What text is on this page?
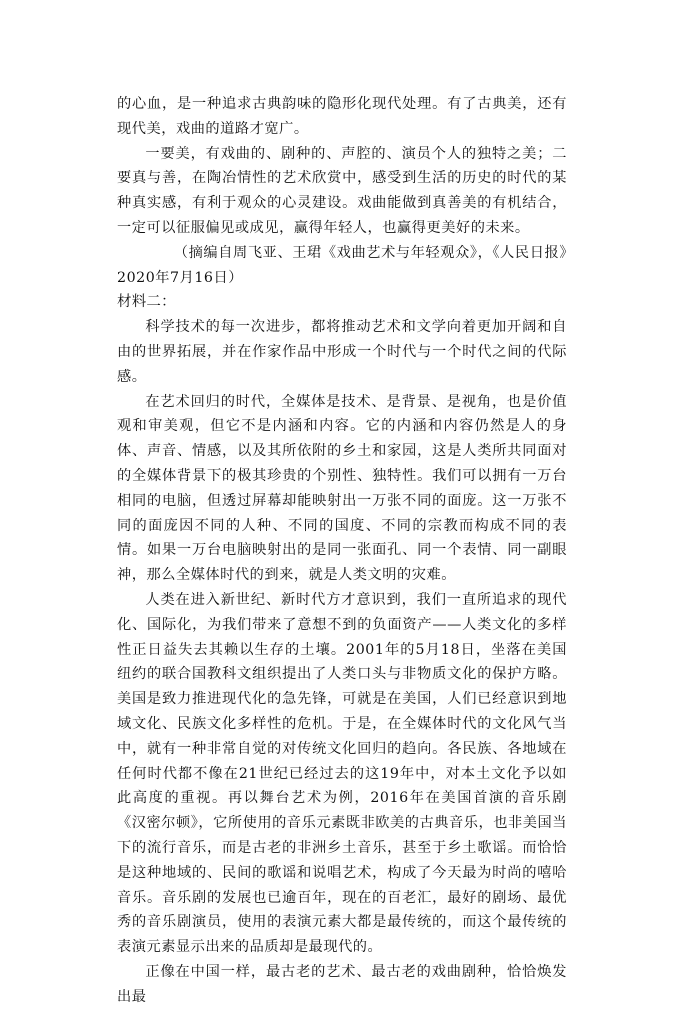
的心血，是一种追求古典韵味的隐形化现代处理。有了古典美，还有现代美，戏曲的道路才宽广。

一要美，有戏曲的、剧种的、声腔的、演员个人的独特之美；二要真与善，在陶冶情性的艺术欣赏中，感受到生活的历史的时代的某种真实感，有利于观众的心灵建设。戏曲能做到真善美的有机结合，一定可以征服偏见或成见，赢得年轻人，也赢得更美好的未来。

（摘编自周飞亚、王珺《戏曲艺术与年轻观众》，《人民日报》2020年7月16日）

材料二：

科学技术的每一次进步，都将推动艺术和文学向着更加开阔和自由的世界拓展，并在作家作品中形成一个时代与一个时代之间的代际感。

在艺术回归的时代，全媒体是技术、是背景、是视角，也是价值观和审美观，但它不是内涵和内容。它的内涵和内容仍然是人的身体、声音、情感，以及其所依附的乡土和家园，这是人类所共同面对的全媒体背景下的极其珍贵的个别性、独特性。我们可以拥有一万台相同的电脑，但透过屏幕却能映射出一万张不同的面庞。这一万张不同的面庞因不同的人种、不同的国度、不同的宗教而构成不同的表情。如果一万台电脑映射出的是同一张面孔、同一个表情、同一副眼神，那么全媒体时代的到来，就是人类文明的灾难。

人类在进入新世纪、新时代方才意识到，我们一直所追求的现代化、国际化，为我们带来了意想不到的负面资产——人类文化的多样性正日益失去其赖以生存的土壤。2001年的5月18日，坐落在美国纽约的联合国教科文组织提出了人类口头与非物质文化的保护方略。美国是致力推进现代化的急先锋，可就是在美国，人们已经意识到地域文化、民族文化多样性的危机。于是，在全媒体时代的文化风气当中，就有一种非常自觉的对传统文化回归的趋向。各民族、各地域在任何时代都不像在21世纪已经过去的这19年中，对本土文化予以如此高度的重视。再以舞台艺术为例，2016年在美国首演的音乐剧《汉密尔顿》，它所使用的音乐元素既非欧美的古典音乐，也非美国当下的流行音乐，而是古老的非洲乡土音乐，甚至于乡土歌谣。而恰恰是这种地域的、民间的歌谣和说唱艺术，构成了今天最为时尚的嘻哈音乐。音乐剧的发展也已逾百年，现在的百老汇，最好的剧场、最优秀的音乐剧演员，使用的表演元素大都是最传统的，而这个最传统的表演元素显示出来的品质却是最现代的。

正像在中国一样，最古老的艺术、最古老的戏曲剧种，恰恰焕发出最
